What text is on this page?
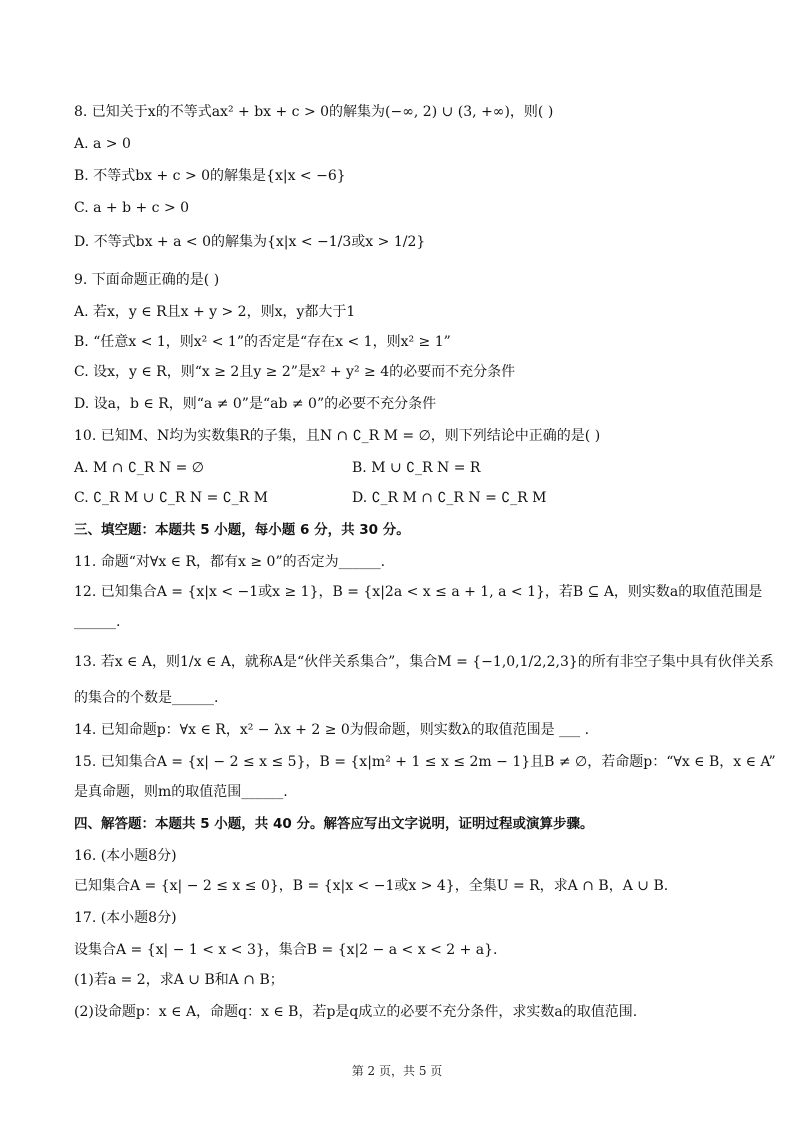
8. 已知关于x的不等式ax² + bx + c > 0的解集为(−∞, 2) ∪ (3, +∞)，则( )
A. a > 0
B. 不等式bx + c > 0的解集是{x|x < −6}
C. a + b + c > 0
D. 不等式bx + a < 0的解集为{x|x < −1/3或x > 1/2}
9. 下面命题正确的是( )
A. 若x，y ∈ R且x + y > 2，则x，y都大于1
B. “任意x < 1，则x² < 1”的否定是“存在x < 1，则x² ≥ 1”
C. 设x，y ∈ R，则“x ≥ 2且y ≥ 2”是x² + y² ≥ 4的必要而不充分条件
D. 设a，b ∈ R，则“a ≠ 0”是“ab ≠ 0”的必要不充分条件
10. 已知M、N均为实数集R的子集，且N ∩ ∁_R M = ∅，则下列结论中正确的是( )
A. M ∩ ∁_R N = ∅	B. M ∪ ∁_R N = R
C. ∁_R M ∪ ∁_R N = ∁_R M	D. ∁_R M ∩ ∁_R N = ∁_R M
三、填空题：本题共 5 小题，每小题 6 分，共 30 分。
11. 命题“对∀x ∈ R，都有x ≥ 0”的否定为______.
12. 已知集合A = {x|x < −1或x ≥ 1}，B = {x|2a < x ≤ a + 1, a < 1}，若B ⊆ A，则实数a的取值范围是
______.
13. 若x ∈ A，则1/x ∈ A，就称A是“伙伴关系集合”，集合M = {−1,0,1/2,2,3}的所有非空子集中具有伙伴关系
的集合的个数是______.
14. 已知命题p：∀x ∈ R，x² − λx + 2 ≥ 0为假命题，则实数λ的取值范围是 ___ .
15. 已知集合A = {x| − 2 ≤ x ≤ 5}，B = {x|m² + 1 ≤ x ≤ 2m − 1}且B ≠ ∅，若命题p：“∀x ∈ B，x ∈ A”
是真命题，则m的取值范围______.
四、解答题：本题共 5 小题，共 40 分。解答应写出文字说明，证明过程或演算步骤。
16. (本小题8分)
已知集合A = {x| − 2 ≤ x ≤ 0}，B = {x|x < −1或x > 4}，全集U = R，求A ∩ B，A ∪ B.
17. (本小题8分)
设集合A = {x| − 1 < x < 3}，集合B = {x|2 − a < x < 2 + a}.
(1)若a = 2，求A ∪ B和A ∩ B；
(2)设命题p：x ∈ A，命题q：x ∈ B，若p是q成立的必要不充分条件，求实数a的取值范围.
第 2 页，共 5 页
